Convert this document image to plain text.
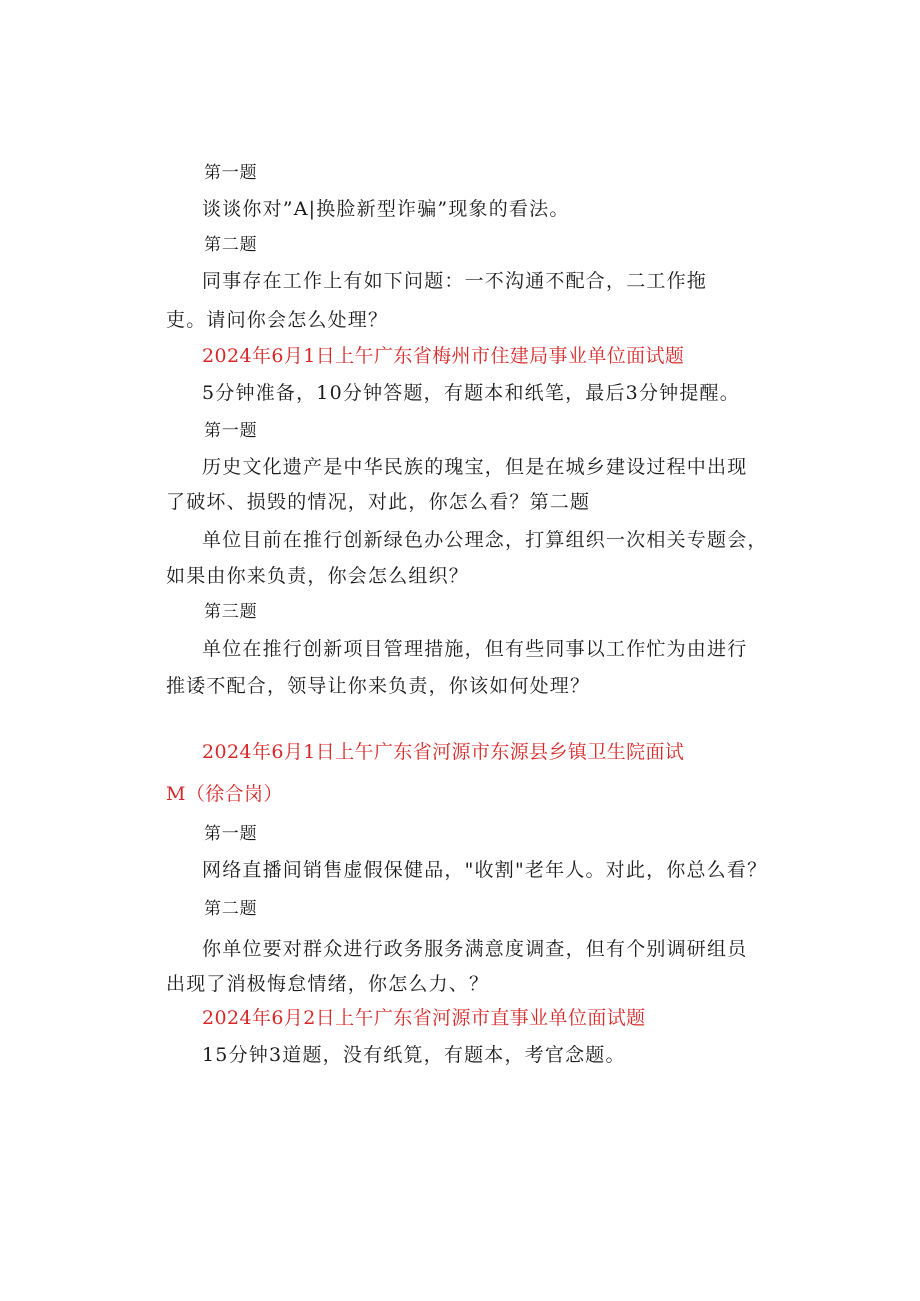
第一题

谈谈你对”A|换脸新型诈骗”现象的看法。

第二题

同事存在工作上有如下问题：一不沟通不配合，二工作拖

吏。请问你会怎么处理？

2024年6月1日上午广东省梅州市住建局事业单位面试题

5分钟准备，10分钟答题，有题本和纸笔，最后3分钟提醒。

第一题

历史文化遗产是中华民族的瑰宝，但是在城乡建设过程中出现

了破坏、损毁的情况，对此，你怎么看？第二题

单位目前在推行创新绿色办公理念，打算组织一次相关专题会，

如果由你来负责，你会怎么组织？

第三题

单位在推行创新项目管理措施，但有些同事以工作忙为由进行

推诿不配合，领导让你来负责，你该如何处理？

2024年6月1日上午广东省河源市东源县乡镇卫生院面试

M（徐合岗）

第一题

网络直播间销售虚假保健品，"收割"老年人。对此，你总么看？

第二题

你单位要对群众进行政务服务满意度调查，但有个别调研组员

出现了消极悔怠情绪，你怎么力、？

2024年6月2日上午广东省河源市直事业单位面试题

15分钟3道题，没有纸筧，有题本，考官念题。
